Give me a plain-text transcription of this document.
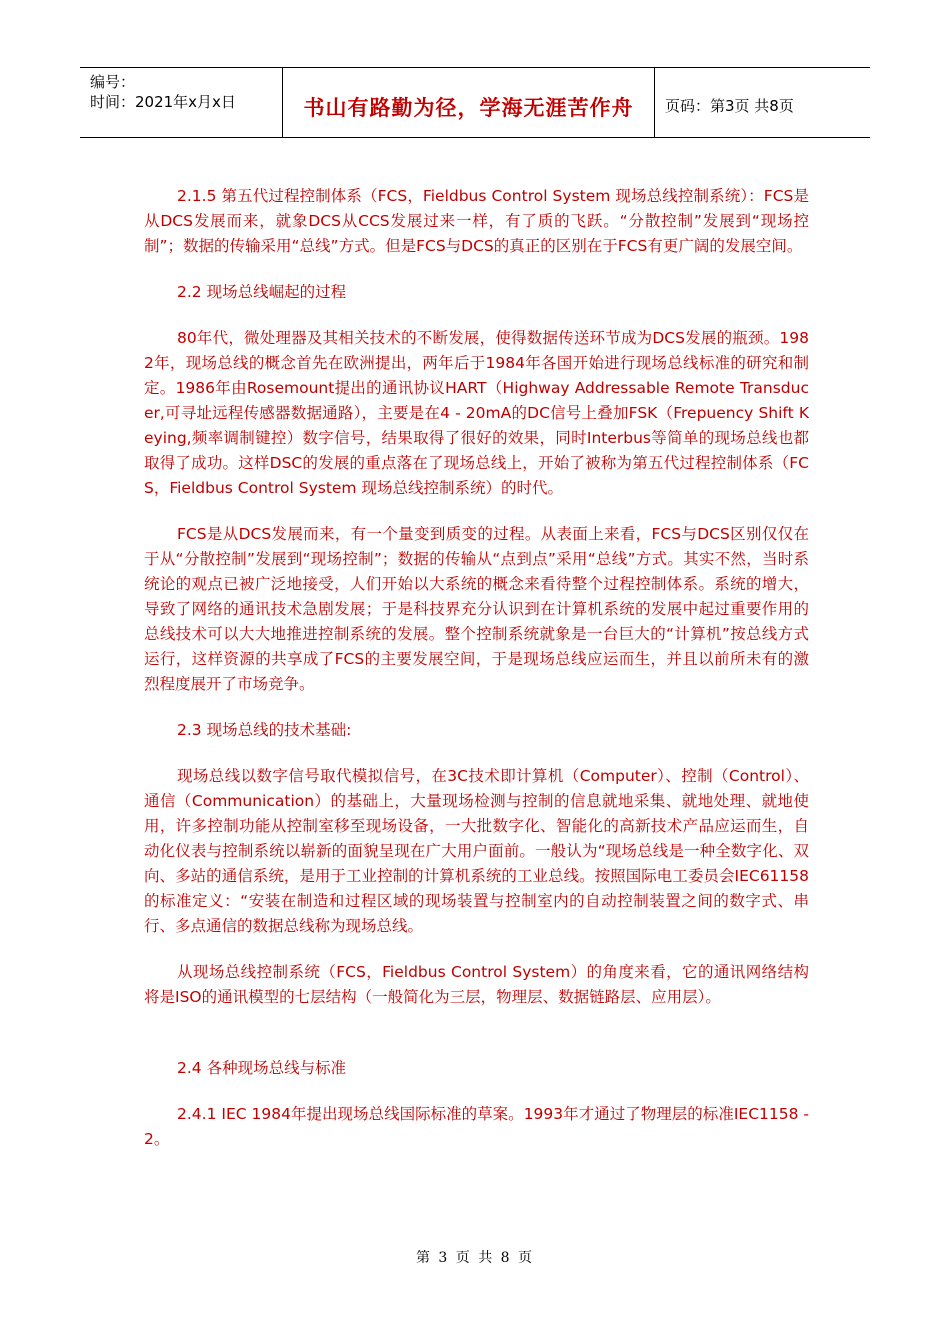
编号：
时间：2021年x月x日	书山有路勤为径，学海无涯苦作舟	页码：第3页 共8页

2.1.5 第五代过程控制体系（FCS，Fieldbus Control System 现场总线控制系统）：FCS是从DCS发展而来，就象DCS从CCS发展过来一样，有了质的飞跃。“分散控制”发展到“现场控制”；数据的传输采用“总线”方式。但是FCS与DCS的真正的区别在于FCS有更广阔的发展空间。

2.2 现场总线崛起的过程

80年代，微处理器及其相关技术的不断发展，使得数据传送环节成为DCS发展的瓶颈。1982年，现场总线的概念首先在欧洲提出，两年后于1984年各国开始进行现场总线标准的研究和制定。1986年由Rosemount提出的通讯协议HART（Highway Addressable Remote Transducer,可寻址远程传感器数据通路），主要是在4 - 20mA的DC信号上叠加FSK（Frepuency Shift Keying,频率调制键控）数字信号，结果取得了很好的效果，同时Interbus等简单的现场总线也都取得了成功。这样DSC的发展的重点落在了现场总线上，开始了被称为第五代过程控制体系（FCS，Fieldbus Control System 现场总线控制系统）的时代。

FCS是从DCS发展而来，有一个量变到质变的过程。从表面上来看，FCS与DCS区别仅仅在于从“分散控制”发展到“现场控制”；数据的传输从“点到点”采用“总线”方式。其实不然，当时系统论的观点已被广泛地接受，人们开始以大系统的概念来看待整个过程控制体系。系统的增大，导致了网络的通讯技术急剧发展；于是科技界充分认识到在计算机系统的发展中起过重要作用的总线技术可以大大地推进控制系统的发展。整个控制系统就象是一台巨大的“计算机”按总线方式运行，这样资源的共享成了FCS的主要发展空间，于是现场总线应运而生，并且以前所未有的激烈程度展开了市场竞争。

2.3 现场总线的技术基础:

现场总线以数字信号取代模拟信号，在3C技术即计算机（Computer）、控制（Control）、通信（Communication）的基础上，大量现场检测与控制的信息就地采集、就地处理、就地使用，许多控制功能从控制室移至现场设备，一大批数字化、智能化的高新技术产品应运而生，自动化仪表与控制系统以崭新的面貌呈现在广大用户面前。一般认为“现场总线是一种全数字化、双向、多站的通信系统，是用于工业控制的计算机系统的工业总线。按照国际电工委员会IEC61158的标准定义：“安装在制造和过程区域的现场装置与控制室内的自动控制装置之间的数字式、串行、多点通信的数据总线称为现场总线。

从现场总线控制系统（FCS，Fieldbus Control System）的角度来看，它的通讯网络结构将是ISO的通讯模型的七层结构（一般简化为三层，物理层、数据链路层、应用层）。

2.4 各种现场总线与标准

2.4.1 IEC 1984年提出现场总线国际标准的草案。1993年才通过了物理层的标准IEC1158 - 2。

第 3 页 共 8 页
